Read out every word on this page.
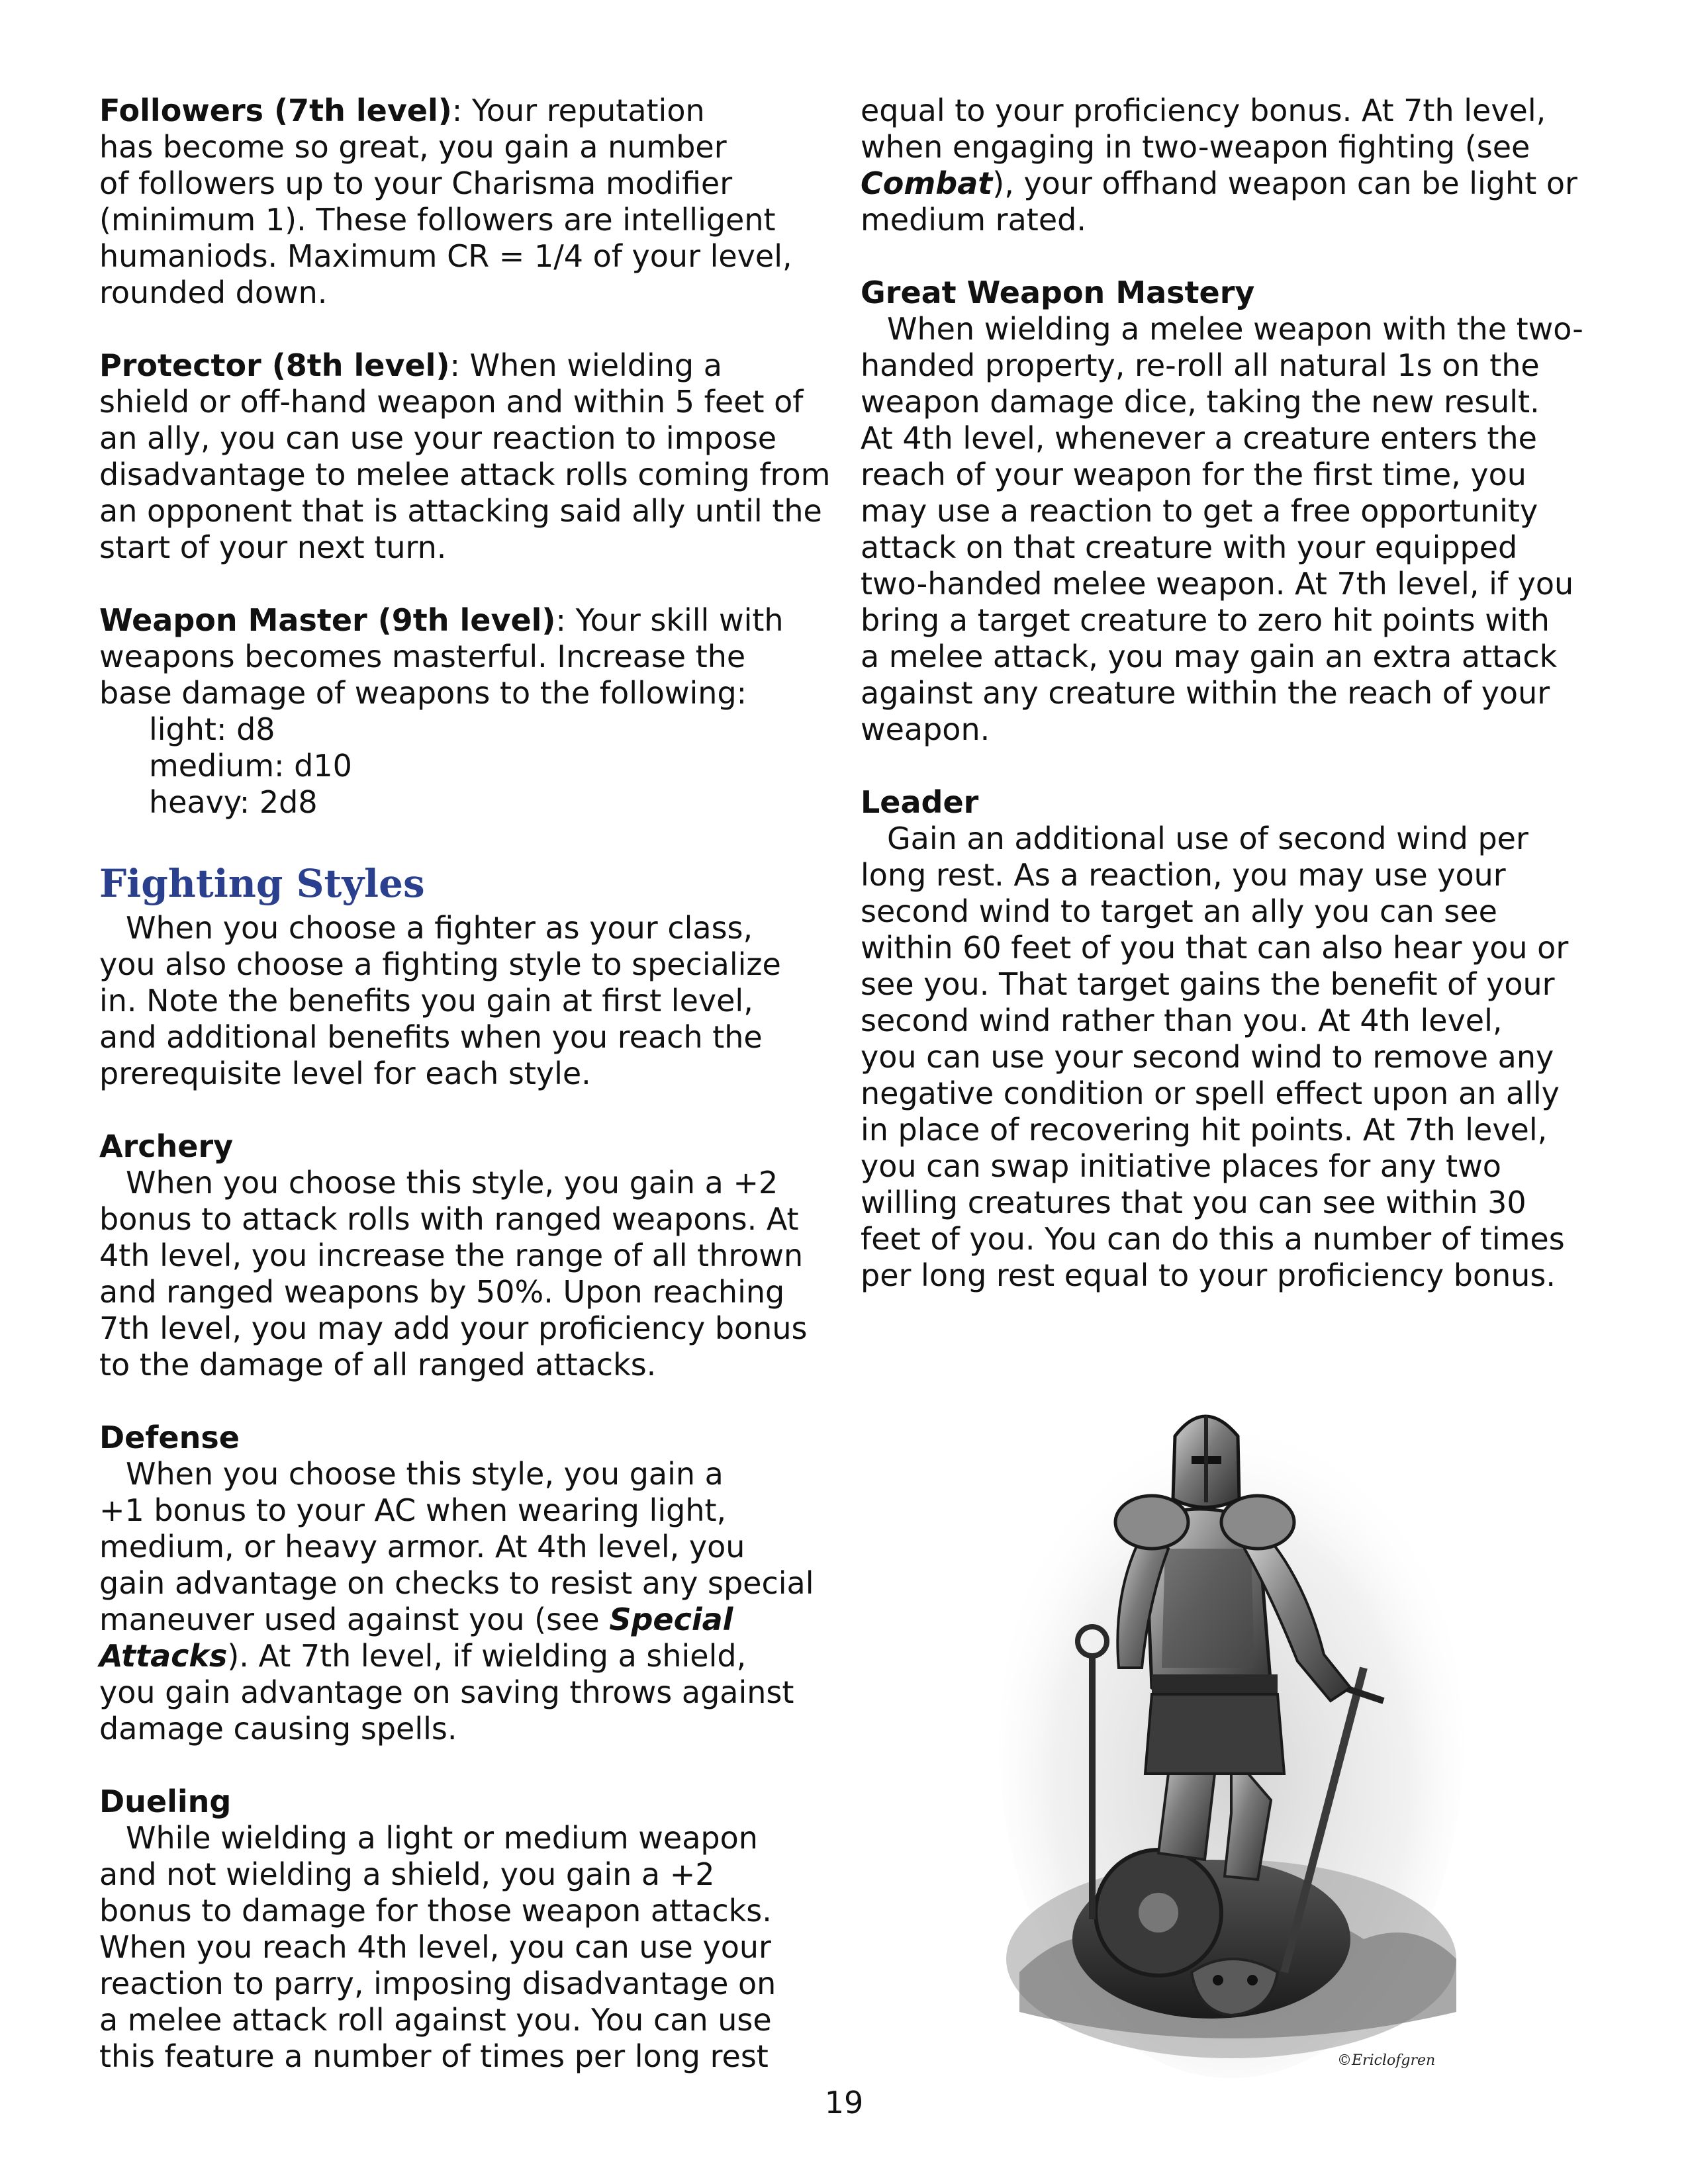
Followers (7th level): Your reputation
has become so great, you gain a number
of followers up to your Charisma modifier
(minimum 1). These followers are intelligent
humaniods. Maximum CR = 1/4 of your level,
rounded down.
Protector (8th level): When wielding a
shield or off-hand weapon and within 5 feet of
an ally, you can use your reaction to impose
disadvantage to melee attack rolls coming from
an opponent that is attacking said ally until the
start of your next turn.
Weapon Master (9th level): Your skill with
weapons becomes masterful. Increase the
base damage of weapons to the following:
light: d8
medium: d10
heavy: 2d8
Fighting Styles
When you choose a fighter as your class,
you also choose a fighting style to specialize
in. Note the benefits you gain at first level,
and additional benefits when you reach the
prerequisite level for each style.
Archery
When you choose this style, you gain a +2
bonus to attack rolls with ranged weapons. At
4th level, you increase the range of all thrown
and ranged weapons by 50%. Upon reaching
7th level, you may add your proficiency bonus
to the damage of all ranged attacks.
Defense
When you choose this style, you gain a
+1 bonus to your AC when wearing light,
medium, or heavy armor. At 4th level, you
gain advantage on checks to resist any special
maneuver used against you (see Special
Attacks). At 7th level, if wielding a shield,
you gain advantage on saving throws against
damage causing spells.
Dueling
While wielding a light or medium weapon
and not wielding a shield, you gain a +2
bonus to damage for those weapon attacks.
When you reach 4th level, you can use your
reaction to parry, imposing disadvantage on
a melee attack roll against you. You can use
this feature a number of times per long rest
equal to your proficiency bonus. At 7th level,
when engaging in two-weapon fighting (see
Combat), your offhand weapon can be light or
medium rated.
Great Weapon Mastery
When wielding a melee weapon with the two-
handed property, re-roll all natural 1s on the
weapon damage dice, taking the new result.
At 4th level, whenever a creature enters the
reach of your weapon for the first time, you
may use a reaction to get a free opportunity
attack on that creature with your equipped
two-handed melee weapon. At 7th level, if you
bring a target creature to zero hit points with
a melee attack, you may gain an extra attack
against any creature within the reach of your
weapon.
Leader
Gain an additional use of second wind per
long rest. As a reaction, you may use your
second wind to target an ally you can see
within 60 feet of you that can also hear you or
see you. That target gains the benefit of your
second wind rather than you. At 4th level,
you can use your second wind to remove any
negative condition or spell effect upon an ally
in place of recovering hit points. At 7th level,
you can swap initiative places for any two
willing creatures that you can see within 30
feet of you. You can do this a number of times
per long rest equal to your proficiency bonus.
©Ericlofgren
19
